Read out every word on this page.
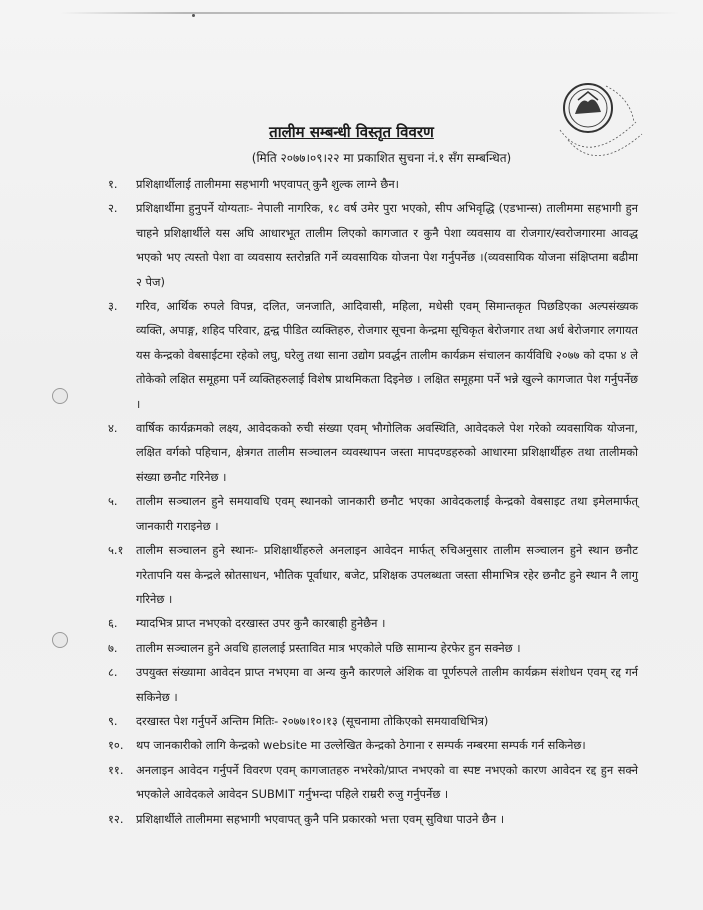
तालीम सम्बन्धी विस्तृत विवरण
(मिति २०७७।०९।२२ मा प्रकाशित सुचना नं.१ सँग सम्बन्धित)
१.	प्रशिक्षार्थीलाई तालीममा सहभागी भएवापत् कुनै शुल्क लाग्ने छैन।
२.	प्रशिक्षार्थीमा हुनुपर्ने योग्यताः- नेपाली नागरिक, १८ वर्ष उमेर पुरा भएको, सीप अभिवृद्धि (एडभान्स) तालीममा सहभागी हुन चाहने प्रशिक्षार्थीले यस अघि आधारभूत तालीम लिएको कागजात र कुनै पेशा व्यवसाय वा रोजगार/स्वरोजगारमा आवद्ध भएको भए त्यस्तो पेशा वा व्यवसाय स्तरोन्नति गर्ने व्यवसायिक योजना पेश गर्नुपर्नेछ ।(व्यवसायिक योजना संक्षिप्तमा बढीमा २ पेज)
३.	गरिव, आर्थिक रुपले विपन्न, दलित, जनजाति, आदिवासी, महिला, मधेसी एवम् सिमान्तकृत पिछडिएका अल्पसंख्यक व्यक्ति, अपाङ्ग, शहिद परिवार, द्वन्द्व पीडित व्यक्तिहरु, रोजगार सूचना केन्द्रमा सूचिकृत बेरोजगार तथा अर्ध बेरोजगार लगायत यस केन्द्रको वेबसाईटमा रहेको लघु, घरेलु तथा साना उद्योग प्रवर्द्धन तालीम कार्यक्रम संचालन कार्यविधि २०७७ को दफा ४ ले तोकेको लक्षित समूहमा पर्ने व्यक्तिहरुलाई विशेष प्राथमिकता दिइनेछ । लक्षित समूहमा पर्ने भन्ने खुल्ने कागजात पेश गर्नुपर्नेछ ।
४.	वार्षिक कार्यक्रमको लक्ष्य, आवेदकको रुची संख्या एवम् भौगोलिक अवस्थिति, आवेदकले पेश गरेको व्यवसायिक योजना, लक्षित वर्गको पहिचान, क्षेत्रगत तालीम सञ्चालन व्यवस्थापन जस्ता मापदण्डहरुको आधारमा प्रशिक्षार्थीहरु तथा तालीमको संख्या छनौट गरिनेछ ।
५.	तालीम सञ्चालन हुने समयावधि एवम् स्थानको जानकारी छनौट भएका आवेदकलाई केन्द्रको वेबसाइट तथा इमेलमार्फत् जानकारी गराइनेछ ।
५.१	तालीम सञ्चालन हुने स्थानः- प्रशिक्षार्थीहरुले अनलाइन आवेदन मार्फत् रुचिअनुसार तालीम सञ्चालन हुने स्थान छनौट गरेतापनि यस केन्द्रले स्रोतसाधन, भौतिक पूर्वाधार, बजेट, प्रशिक्षक उपलब्धता जस्ता सीमाभित्र रहेर छनौट हुने स्थान नै लागु गरिनेछ ।
६.	म्यादभित्र प्राप्त नभएको दरखास्त उपर कुनै कारबाही हुनेछैन ।
७.	तालीम सञ्चालन हुने अवधि हाललाई प्रस्तावित मात्र भएकोले पछि सामान्य हेरफेर हुन सक्नेछ ।
८.	उपयुक्त संख्यामा आवेदन प्राप्त नभएमा वा अन्य कुनै कारणले अंशिक वा पूर्णरुपले तालीम कार्यक्रम संशोधन एवम् रद्द गर्न सकिनेछ ।
९.	दरखास्त पेश गर्नुपर्ने अन्तिम मितिः- २०७७।१०।१३ (सूचनामा तोकिएको समयावधिभित्र)
१०.	थप जानकारीको लागि केन्द्रको website मा उल्लेखित केन्द्रको ठेगाना र सम्पर्क नम्बरमा सम्पर्क गर्न सकिनेछ।
११.	अनलाइन आवेदन गर्नुपर्ने विवरण एवम् कागजातहरु नभरेको/प्राप्त नभएको वा स्पष्ट नभएको कारण आवेदन रद्द हुन सक्ने भएकोले आवेदकले आवेदन SUBMIT गर्नुभन्दा पहिले राम्ररी रुजु गर्नुपर्नेछ ।
१२.	प्रशिक्षार्थीले तालीममा सहभागी भएवापत् कुनै पनि प्रकारको भत्ता एवम् सुविधा पाउने छैन ।
